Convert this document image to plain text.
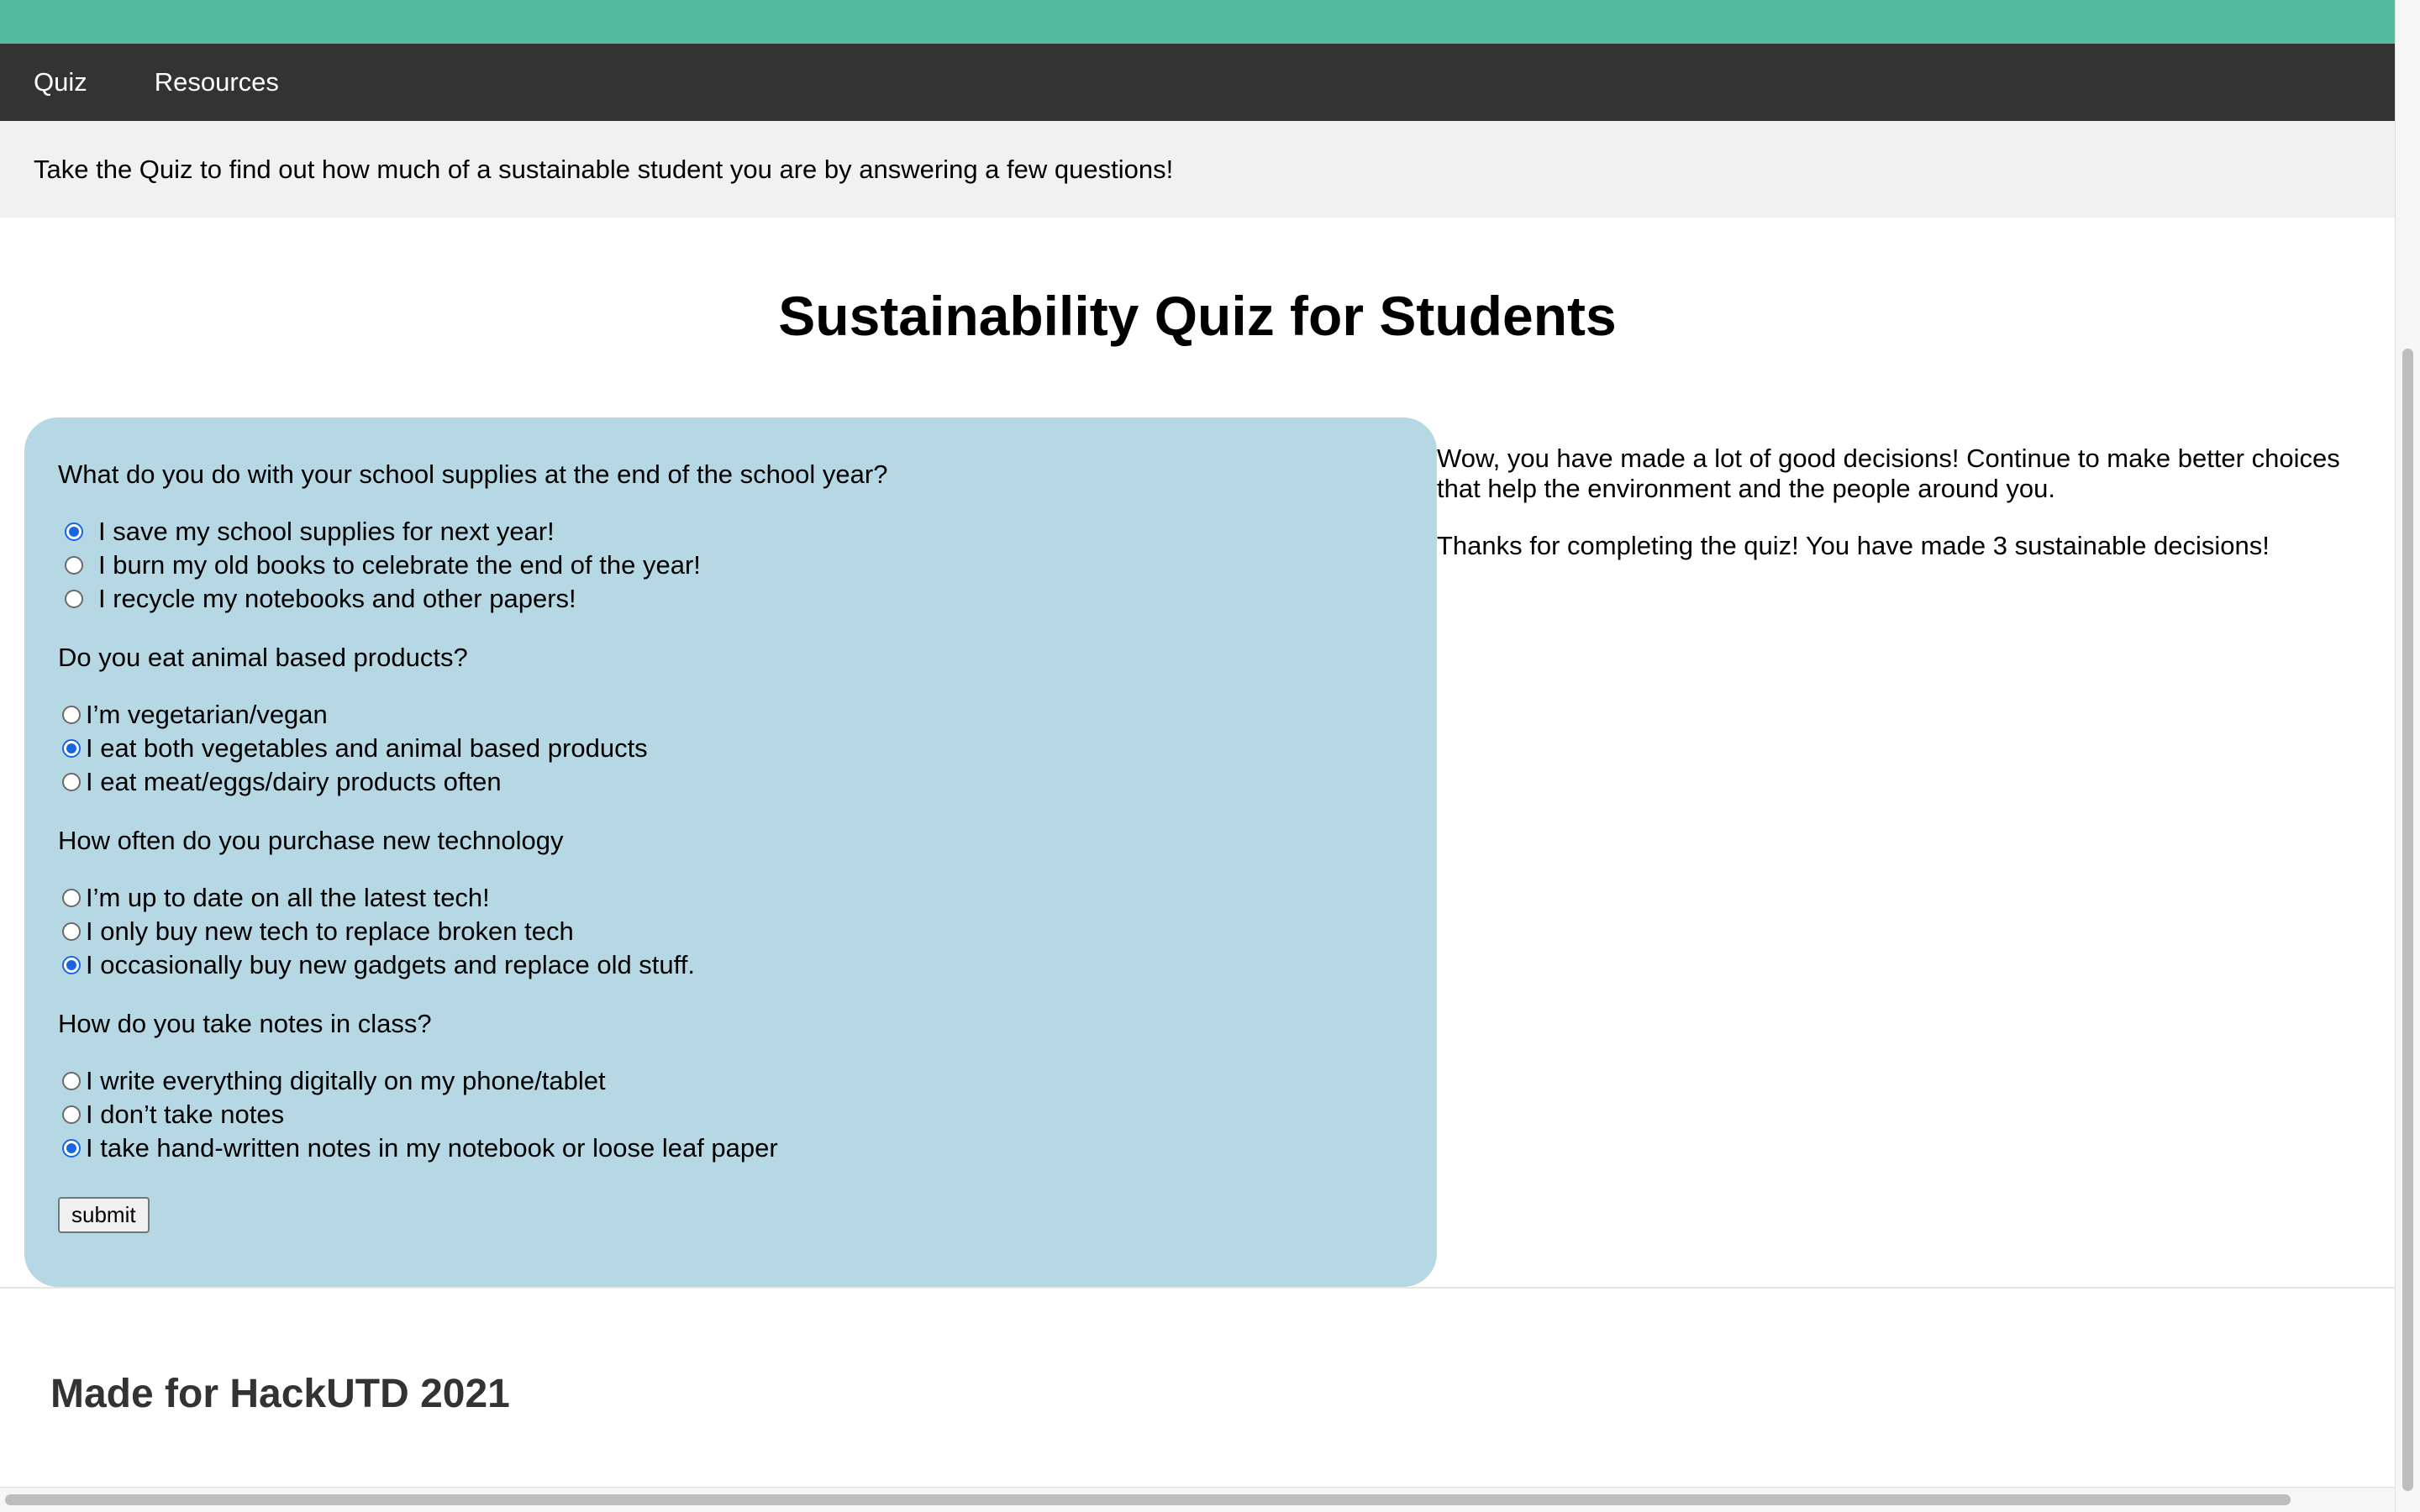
Quiz	Resources
Take the Quiz to find out how much of a sustainable student you are by answering a few questions!
Sustainability Quiz for Students

What do you do with your school supplies at the end of the school year?

I save my school supplies for next year!
I burn my old books to celebrate the end of the year!
I recycle my notebooks and other papers!

Do you eat animal based products?

I’m vegetarian/vegan
I eat both vegetables and animal based products
I eat meat/eggs/dairy products often

How often do you purchase new technology

I’m up to date on all the latest tech!
I only buy new tech to replace broken tech
I occasionally buy new gadgets and replace old stuff.

How do you take notes in class?

I write everything digitally on my phone/tablet
I don’t take notes
I take hand-written notes in my notebook or loose leaf paper
submit

Wow, you have made a lot of good decisions! Continue to make better choices that help the environment and the people around you.

Thanks for completing the quiz! You have made 3 sustainable decisions!

Made for HackUTD 2021
